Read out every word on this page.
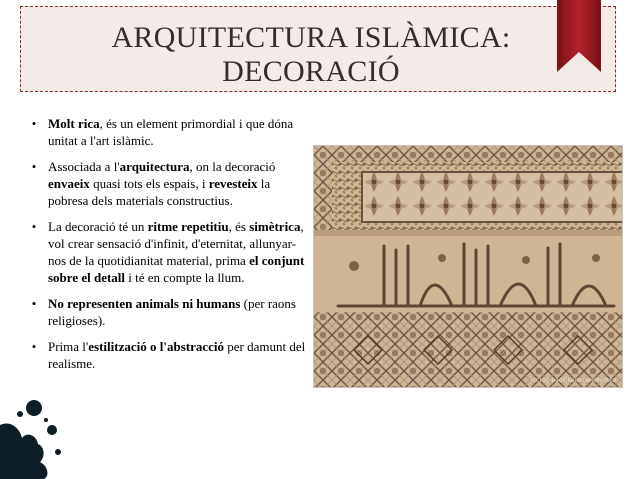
ARQUITECTURA ISLÀMICA:
DECORACIÓ
• Molt rica, és un element primordial i que dóna unitat a l'art islàmic.
• Associada a l'arquitectura, on la decoració envaeix quasi tots els espais, i revesteix la pobresa dels materials constructius.
• La decoració té un ritme repetitiu, és simètrica, vol crear sensació d'infinit, d'eternitat, allunyar-nos de la quotidianitat material, prima el conjunt sobre el detall i té en compte la llum.
• No representen animals ni humans (per raons religioses).
• Prima l'estilització o l'abstracció per damunt del realisme.
(cc) @ pacifikaorosmithsfoto
